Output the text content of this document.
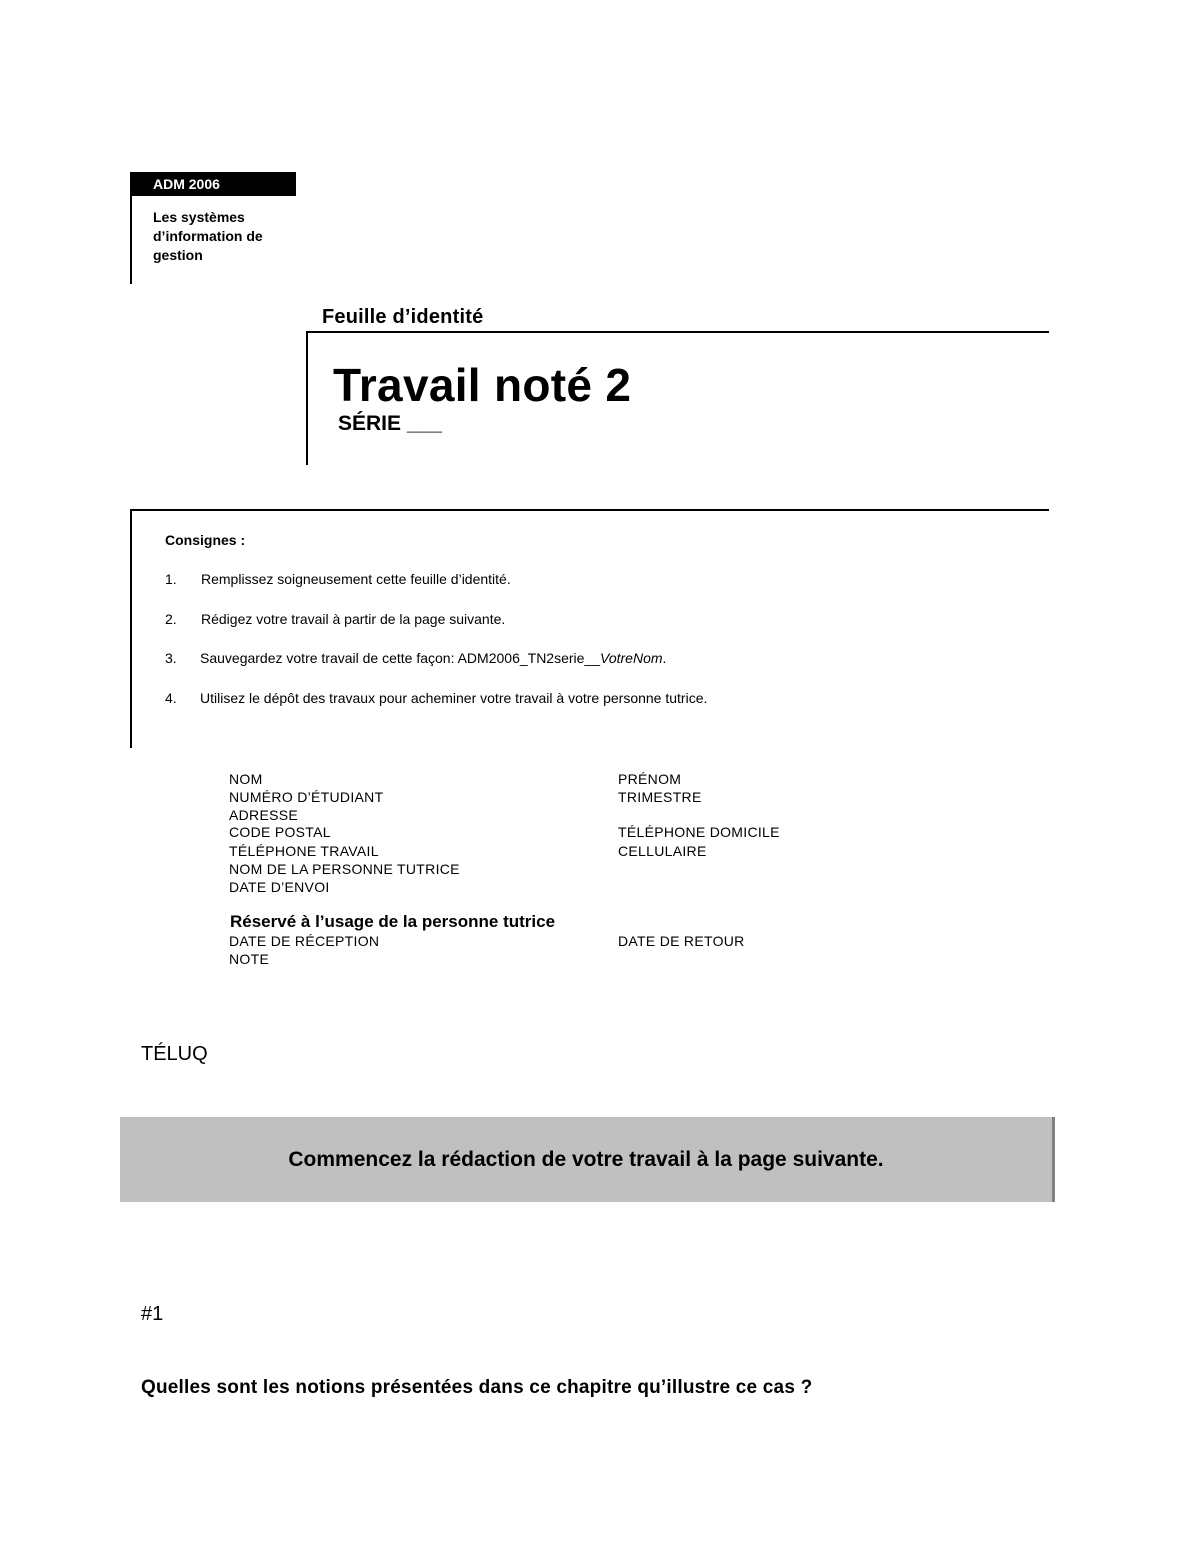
ADM 2006
Les systèmes d’information de gestion
Feuille d’identité
Travail noté 2
SÉRIE ___
Consignes :
1. Remplissez soigneusement cette feuille d’identité.
2. Rédigez votre travail à partir de la page suivante.
3. Sauvegardez votre travail de cette façon: ADM2006_TN2serie__VotreNom.
4. Utilisez le dépôt des travaux pour acheminer votre travail à votre personne tutrice.
NOM
NUMÉRO D’ÉTUDIANT
ADRESSE
CODE POSTAL
TÉLÉPHONE TRAVAIL
NOM DE LA PERSONNE TUTRICE
DATE D’ENVOI
PRÉNOM
TRIMESTRE
TÉLÉPHONE DOMICILE
CELLULAIRE
Réservé à l’usage de la personne tutrice
DATE DE RÉCEPTION
NOTE
DATE DE RETOUR
TÉLUQ
Commencez la rédaction de votre travail à la page suivante.
#1
Quelles sont les notions présentées dans ce chapitre qu’illustre ce cas ?
